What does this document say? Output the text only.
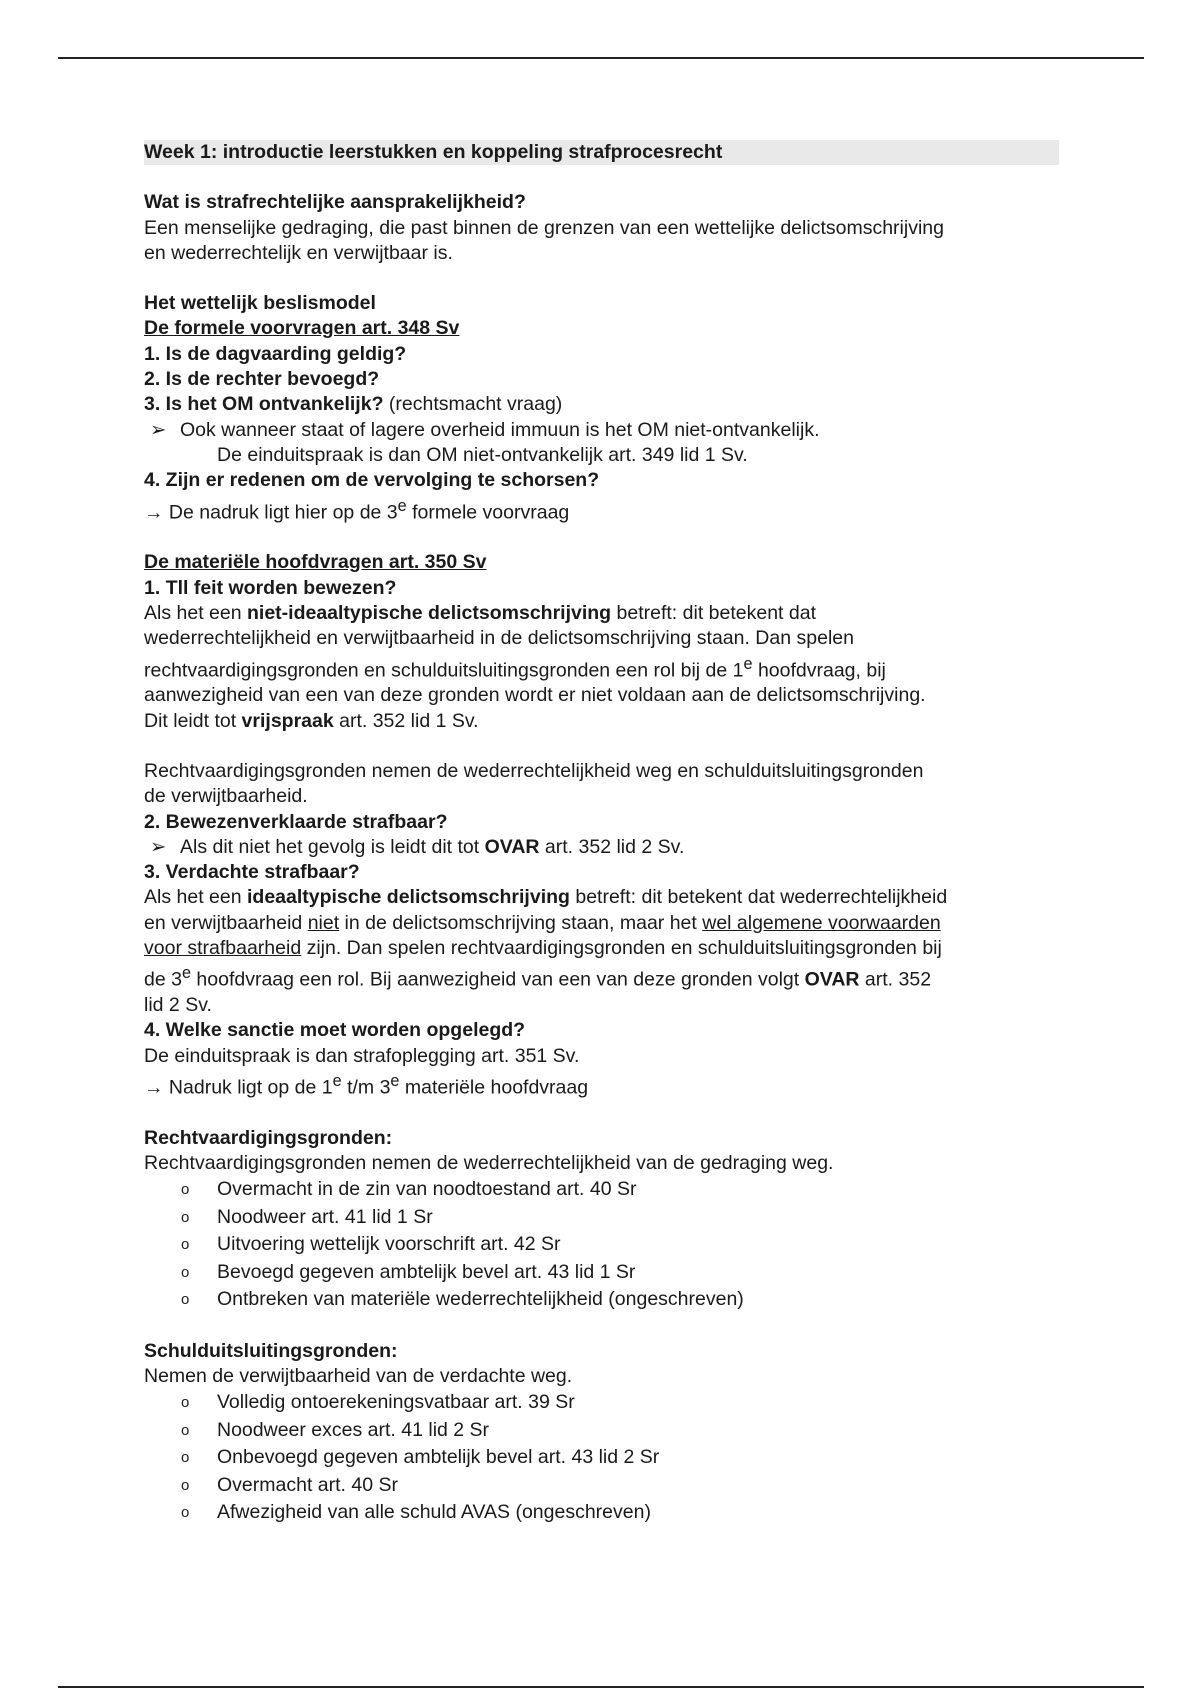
Week 1: introductie leerstukken en koppeling strafprocesrecht

Wat is strafrechtelijke aansprakelijkheid?

Een menselijke gedraging, die past binnen de grenzen van een wettelijke delictsomschrijving

en wederrechtelijk en verwijtbaar is.

Het wettelijk beslismodel

De formele voorvragen art. 348 Sv

1. Is de dagvaarding geldig?

2. Is de rechter bevoegd?

3. Is het OM ontvankelijk? (rechtsmacht vraag)

➢ Ook wanneer staat of lagere overheid immuun is het OM niet-ontvankelijk.

De einduitspraak is dan OM niet-ontvankelijk art. 349 lid 1 Sv.

4. Zijn er redenen om de vervolging te schorsen?

→ De nadruk ligt hier op de 3e formele voorvraag

De materiële hoofdvragen art. 350 Sv

1. Tll feit worden bewezen?

Als het een niet-ideaaltypische delictsomschrijving betreft: dit betekent dat

wederrechtelijkheid en verwijtbaarheid in de delictsomschrijving staan. Dan spelen

rechtvaardigingsgronden en schulduitsluitingsgronden een rol bij de 1e hoofdvraag, bij

aanwezigheid van een van deze gronden wordt er niet voldaan aan de delictsomschrijving.

Dit leidt tot vrijspraak art. 352 lid 1 Sv.

Rechtvaardigingsgronden nemen de wederrechtelijkheid weg en schulduitsluitingsgronden

de verwijtbaarheid.

2. Bewezenverklaarde strafbaar?

➢ Als dit niet het gevolg is leidt dit tot OVAR art. 352 lid 2 Sv.

3. Verdachte strafbaar?

Als het een ideaaltypische delictsomschrijving betreft: dit betekent dat wederrechtelijkheid

en verwijtbaarheid niet in de delictsomschrijving staan, maar het wel algemene voorwaarden

voor strafbaarheid zijn. Dan spelen rechtvaardigingsgronden en schulduitsluitingsgronden bij

de 3e hoofdvraag een rol. Bij aanwezigheid van een van deze gronden volgt OVAR art. 352

lid 2 Sv.

4. Welke sanctie moet worden opgelegd?

De einduitspraak is dan strafoplegging art. 351 Sv.

→ Nadruk ligt op de 1e t/m 3e materiële hoofdvraag

Rechtvaardigingsgronden:

Rechtvaardigingsgronden nemen de wederrechtelijkheid van de gedraging weg.

o Overmacht in de zin van noodtoestand art. 40 Sr
o Noodweer art. 41 lid 1 Sr
o Uitvoering wettelijk voorschrift art. 42 Sr
o Bevoegd gegeven ambtelijk bevel art. 43 lid 1 Sr
o Ontbreken van materiële wederrechtelijkheid (ongeschreven)

Schulduitsluitingsgronden:

Nemen de verwijtbaarheid van de verdachte weg.

o Volledig ontoerekeningsvatbaar art. 39 Sr
o Noodweer exces art. 41 lid 2 Sr
o Onbevoegd gegeven ambtelijk bevel art. 43 lid 2 Sr
o Overmacht art. 40 Sr
o Afwezigheid van alle schuld AVAS (ongeschreven)
